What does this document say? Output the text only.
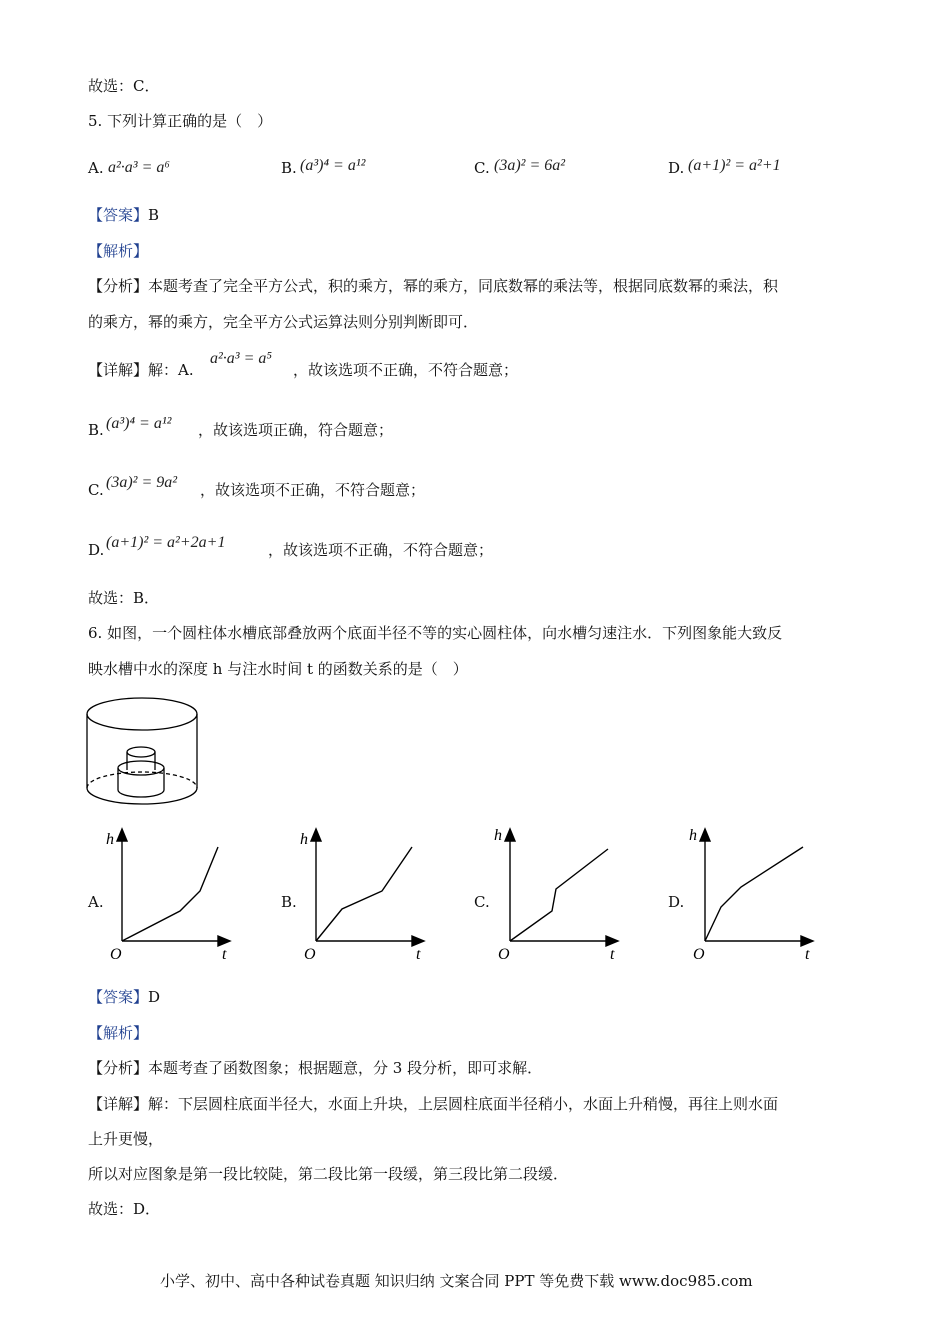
故选：C．
5. 下列计算正确的是（　）
A. a²·a³ = a⁶	B. (a³)⁴ = a¹²	C. (3a)² = 6a²	D. (a+1)² = a²+1
【答案】B
【解析】
【分析】本题考查了完全平方公式，积的乘方，幂的乘方，同底数幂的乘法等，根据同底数幂的乘法，积
的乘方，幂的乘方，完全平方公式运算法则分别判断即可．
【详解】解：A.
a²·a³ = a⁵
，故该选项不正确，不符合题意；
B. (a³)⁴ = a¹² ，故该选项正确，符合题意；
C. (3a)² = 9a² ，故该选项不正确，不符合题意；
D. (a+1)² = a²+2a+1	，故该选项不正确，不符合题意；
故选：B．
6. 如图，一个圆柱体水槽底部叠放两个底面半径不等的实心圆柱体，向水槽匀速注水．下列图象能大致反
映水槽中水的深度 h 与注水时间 t 的函数关系的是（　）
A.
h
O	t
B.
h
O	t
C.
h
O	t
D.
h
O	t
【答案】D
【解析】
【分析】本题考查了函数图象；根据题意，分 3 段分析，即可求解．
【详解】解：下层圆柱底面半径大，水面上升块，上层圆柱底面半径稍小，水面上升稍慢，再往上则水面
上升更慢，
所以对应图象是第一段比较陡，第二段比第一段缓，第三段比第二段缓．
故选：D．
小学、初中、高中各种试卷真题 知识归纳 文案合同 PPT 等免费下载 www.doc985.com
